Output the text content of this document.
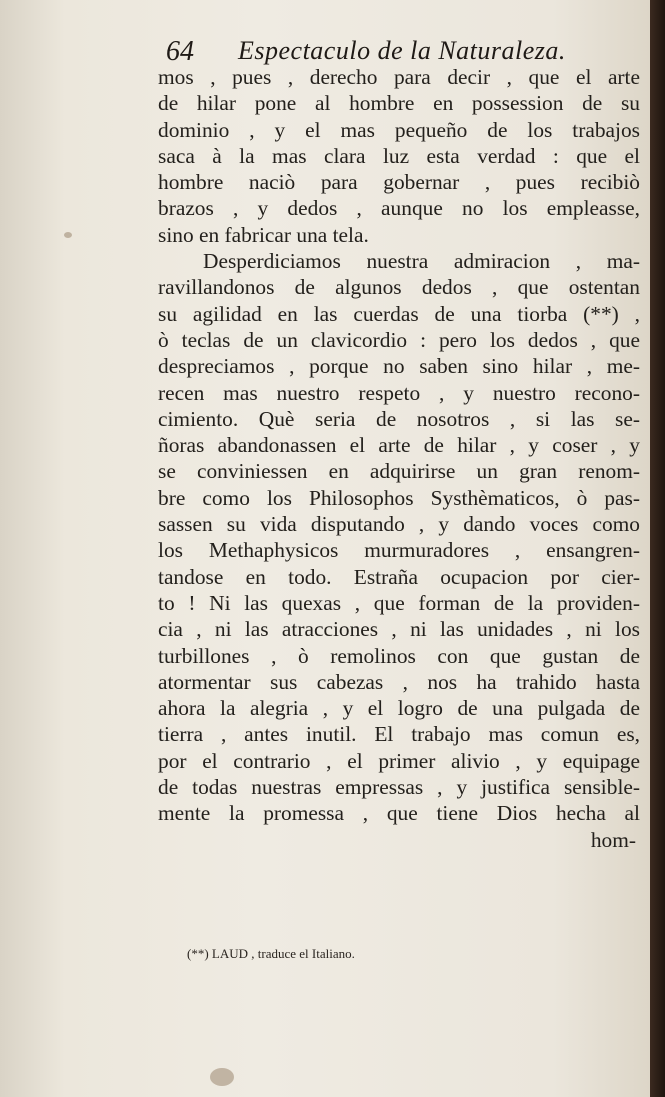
64 Espectaculo de la Naturaleza.
mos , pues , derecho para decir , que el arte
de hilar pone al hombre en possession de su
dominio , y el mas pequeño de los trabajos
saca à la mas clara luz esta verdad : que el
hombre naciò para gobernar , pues recibiò
brazos , y dedos , aunque no los empleasse,
sino en fabricar una tela.
Desperdiciamos nuestra admiracion , ma-
ravillandonos de algunos dedos , que ostentan
su agilidad en las cuerdas de una tiorba (**) ,
ò teclas de un clavicordio : pero los dedos , que
despreciamos , porque no saben sino hilar , me-
recen mas nuestro respeto , y nuestro recono-
cimiento. Què seria de nosotros , si las se-
ñoras abandonassen el arte de hilar , y coser , y
se conviniessen en adquirirse un gran renom-
bre como los Philosophos Systhèmaticos, ò pas-
sassen su vida disputando , y dando voces como
los Methaphysicos murmuradores , ensangren-
tandose en todo. Estraña ocupacion por cier-
to ! Ni las quexas , que forman de la providen-
cia , ni las atracciones , ni las unidades , ni los
turbillones , ò remolinos con que gustan de
atormentar sus cabezas , nos ha trahido hasta
ahora la alegria , y el logro de una pulgada de
tierra , antes inutil. El trabajo mas comun es,
por el contrario , el primer alivio , y equipage
de todas nuestras empressas , y justifica sensible-
mente la promessa , que tiene Dios hecha al
hom-
(**) LAUD , traduce el Italiano.
